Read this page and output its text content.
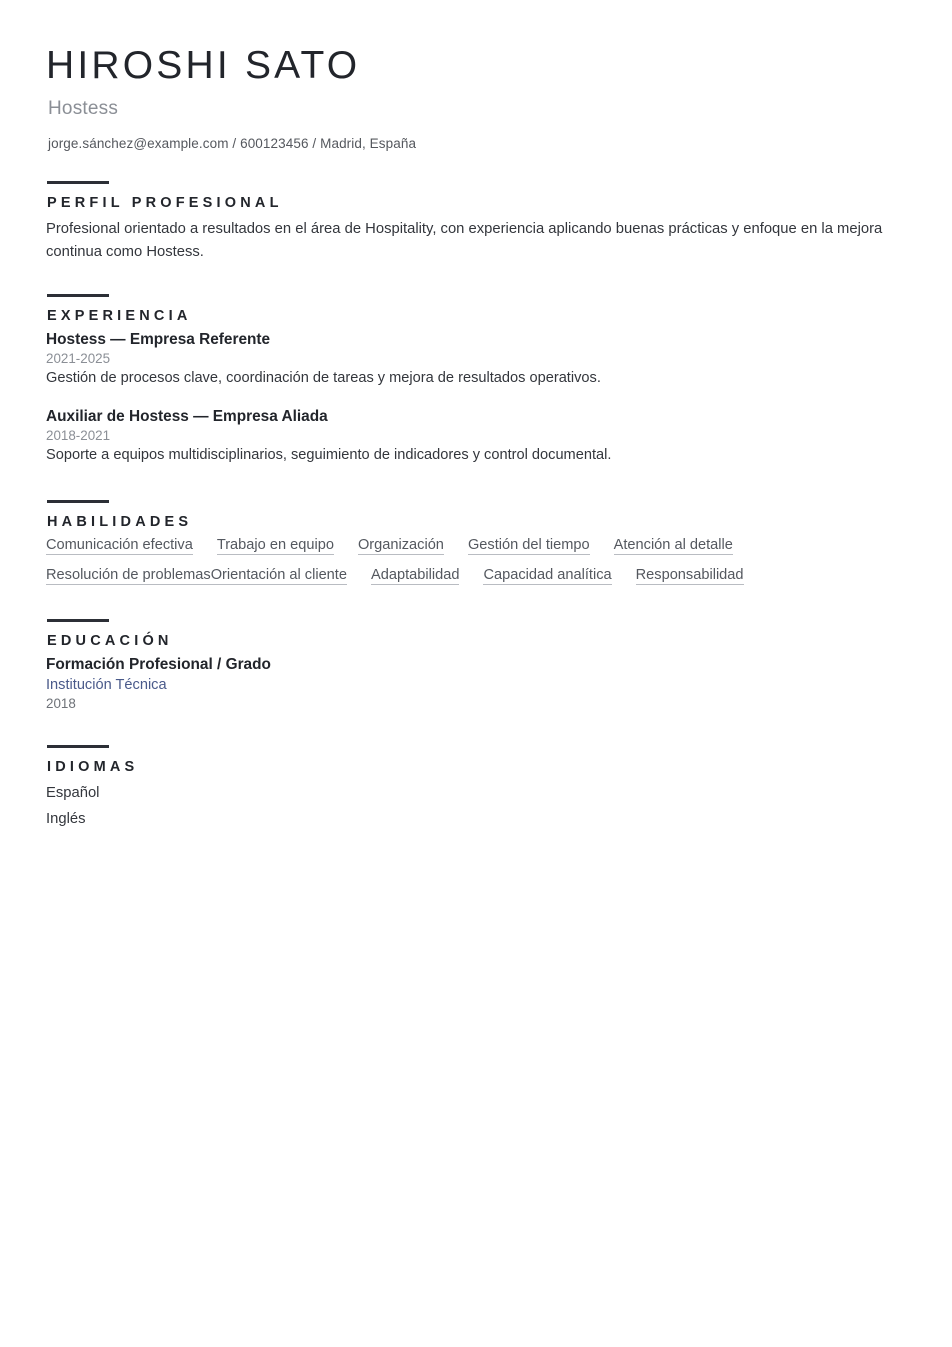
HIROSHI SATO
Hostess
jorge.sánchez@example.com / 600123456 / Madrid, España
PERFIL PROFESIONAL

Profesional orientado a resultados en el área de Hospitality, con experiencia aplicando buenas prácticas y enfoque en la mejora continua como Hostess.

EXPERIENCIA
Hostess — Empresa Referente
2021-2025
Gestión de procesos clave, coordinación de tareas y mejora de resultados operativos.
Auxiliar de Hostess — Empresa Aliada
2018-2021
Soporte a equipos multidisciplinarios, seguimiento de indicadores y control documental.
HABILIDADES
Comunicación efectiva Trabajo en equipo Organización Gestión del tiempo Atención al detalle
Resolución de problemas Orientación al cliente Adaptabilidad Capacidad analítica Responsabilidad
EDUCACIÓN
Formación Profesional / Grado
Institución Técnica
2018
IDIOMAS
Español
Inglés
